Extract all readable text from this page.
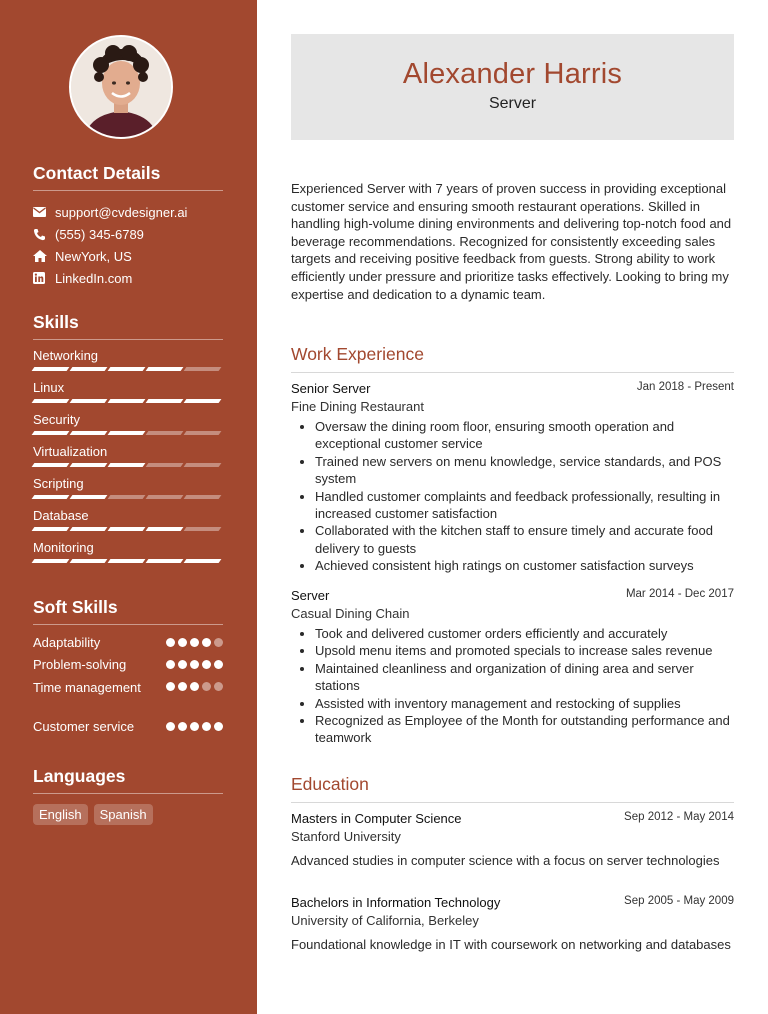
Contact Details
support@cvdesigner.ai
(555) 345-6789
NewYork, US
LinkedIn.com
Skills
Networking
Linux
Security
Virtualization
Scripting
Database
Monitoring
Soft Skills
Adaptability
Problem-solving
Time management
Customer service
Languages
English	Spanish
Alexander Harris
Server
Experienced Server with 7 years of proven success in providing exceptional customer service and ensuring smooth restaurant operations. Skilled in handling high-volume dining environments and delivering top-notch food and beverage recommendations. Recognized for consistently exceeding sales targets and receiving positive feedback from guests. Strong ability to work efficiently under pressure and prioritize tasks effectively. Looking to bring my expertise and dedication to a dynamic team.
Work Experience
Senior Server	Jan 2018 - Present
Fine Dining Restaurant
• Oversaw the dining room floor, ensuring smooth operation and exceptional customer service
• Trained new servers on menu knowledge, service standards, and POS system
• Handled customer complaints and feedback professionally, resulting in increased customer satisfaction
• Collaborated with the kitchen staff to ensure timely and accurate food delivery to guests
• Achieved consistent high ratings on customer satisfaction surveys
Server	Mar 2014 - Dec 2017
Casual Dining Chain
• Took and delivered customer orders efficiently and accurately
• Upsold menu items and promoted specials to increase sales revenue
• Maintained cleanliness and organization of dining area and server stations
• Assisted with inventory management and restocking of supplies
• Recognized as Employee of the Month for outstanding performance and teamwork
Education
Masters in Computer Science	Sep 2012 - May 2014
Stanford University
Advanced studies in computer science with a focus on server technologies
Bachelors in Information Technology	Sep 2005 - May 2009
University of California, Berkeley
Foundational knowledge in IT with coursework on networking and databases
